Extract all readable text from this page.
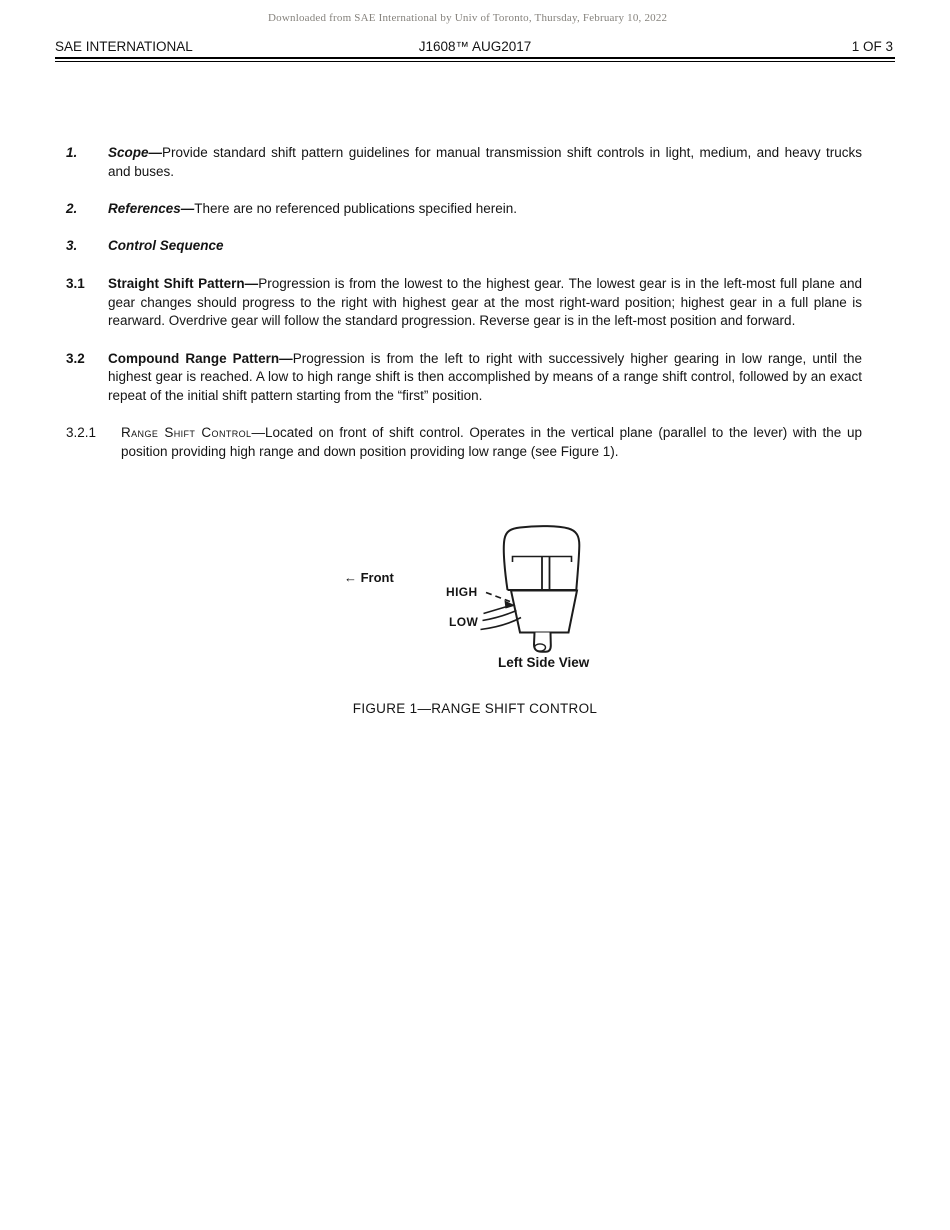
Downloaded from SAE International by Univ of Toronto, Thursday, February 10, 2022
SAE INTERNATIONAL	J1608™ AUG2017	1 OF 3
1. Scope—Provide standard shift pattern guidelines for manual transmission shift controls in light, medium, and heavy trucks and buses.

2. References—There are no referenced publications specified herein.

3. Control Sequence

3.1 Straight Shift Pattern—Progression is from the lowest to the highest gear. The lowest gear is in the left-most full plane and gear changes should progress to the right with highest gear at the most right-ward position; highest gear in a full plane is rearward. Overdrive gear will follow the standard progression. Reverse gear is in the left-most position and forward.

3.2 Compound Range Pattern—Progression is from the left to right with successively higher gearing in low range, until the highest gear is reached. A low to high range shift is then accomplished by means of a range shift control, followed by an exact repeat of the initial shift pattern starting from the “first” position.

3.2.1 Range Shift Control—Located on front of shift control. Operates in the vertical plane (parallel to the lever) with the up position providing high range and down position providing low range (see Figure 1).

← Front
HIGH
LOW
Left Side View
FIGURE 1—RANGE SHIFT CONTROL
